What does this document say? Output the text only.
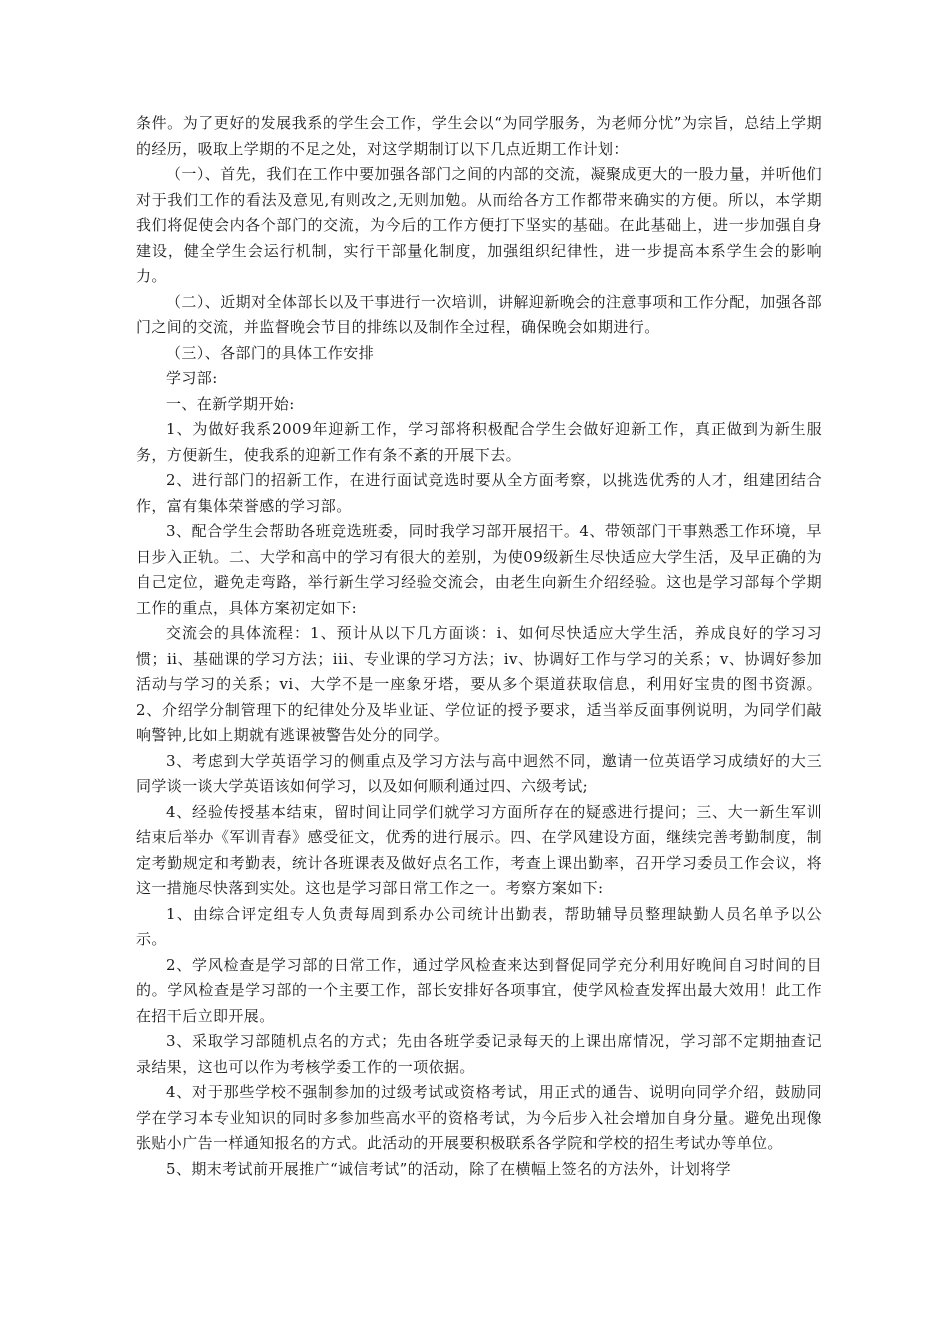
条件。为了更好的发展我系的学生会工作，学生会以“为同学服务，为老师分忧”为宗旨，总结上学期的经历，吸取上学期的不足之处，对这学期制订以下几点近期工作计划：

（一）、首先，我们在工作中要加强各部门之间的内部的交流，凝聚成更大的一股力量，并听他们对于我们工作的看法及意见,有则改之,无则加勉。从而给各方工作都带来确实的方便。所以，本学期我们将促使会内各个部门的交流，为今后的工作方便打下坚实的基础。在此基础上，进一步加强自身建设，健全学生会运行机制，实行干部量化制度，加强组织纪律性，进一步提高本系学生会的影响力。

（二）、近期对全体部长以及干事进行一次培训，讲解迎新晚会的注意事项和工作分配，加强各部门之间的交流，并监督晚会节目的排练以及制作全过程，确保晚会如期进行。

（三）、各部门的具体工作安排

学习部:

一、在新学期开始:

1、为做好我系2009年迎新工作，学习部将积极配合学生会做好迎新工作，真正做到为新生服务，方便新生，使我系的迎新工作有条不紊的开展下去。

2、进行部门的招新工作，在进行面试竞选时要从全方面考察，以挑选优秀的人才，组建团结合作，富有集体荣誉感的学习部。

3、配合学生会帮助各班竞选班委，同时我学习部开展招干。4、带领部门干事熟悉工作环境，早日步入正轨。二、大学和高中的学习有很大的差别，为使09级新生尽快适应大学生活，及早正确的为自己定位，避免走弯路，举行新生学习经验交流会，由老生向新生介绍经验。这也是学习部每个学期工作的重点，具体方案初定如下:

交流会的具体流程：1、预计从以下几方面谈：i、如何尽快适应大学生活，养成良好的学习习惯；ii、基础课的学习方法；iii、专业课的学习方法；iv、协调好工作与学习的关系；v、协调好参加活动与学习的关系；vi、大学不是一座象牙塔，要从多个渠道获取信息，利用好宝贵的图书资源。2、介绍学分制管理下的纪律处分及毕业证、学位证的授予要求，适当举反面事例说明，为同学们敲响警钟,比如上期就有逃课被警告处分的同学。

3、考虑到大学英语学习的侧重点及学习方法与高中迥然不同，邀请一位英语学习成绩好的大三同学谈一谈大学英语该如何学习，以及如何顺利通过四、六级考试;

4、经验传授基本结束，留时间让同学们就学习方面所存在的疑惑进行提问；三、大一新生军训结束后举办《军训青春》感受征文，优秀的进行展示。四、在学风建设方面，继续完善考勤制度，制定考勤规定和考勤表，统计各班课表及做好点名工作，考查上课出勤率，召开学习委员工作会议，将这一措施尽快落到实处。这也是学习部日常工作之一。考察方案如下:

1、由综合评定组专人负责每周到系办公司统计出勤表，帮助辅导员整理缺勤人员名单予以公示。

2、学风检查是学习部的日常工作，通过学风检查来达到督促同学充分利用好晚间自习时间的目的。学风检查是学习部的一个主要工作，部长安排好各项事宜，使学风检查发挥出最大效用！此工作在招干后立即开展。

3、采取学习部随机点名的方式；先由各班学委记录每天的上课出席情况，学习部不定期抽查记录结果，这也可以作为考核学委工作的一项依据。

4、对于那些学校不强制参加的过级考试或资格考试，用正式的通告、说明向同学介绍，鼓励同学在学习本专业知识的同时多参加些高水平的资格考试，为今后步入社会增加自身分量。避免出现像张贴小广告一样通知报名的方式。此活动的开展要积极联系各学院和学校的招生考试办等单位。

5、期末考试前开展推广“诚信考试”的活动，除了在横幅上签名的方法外，计划将学
